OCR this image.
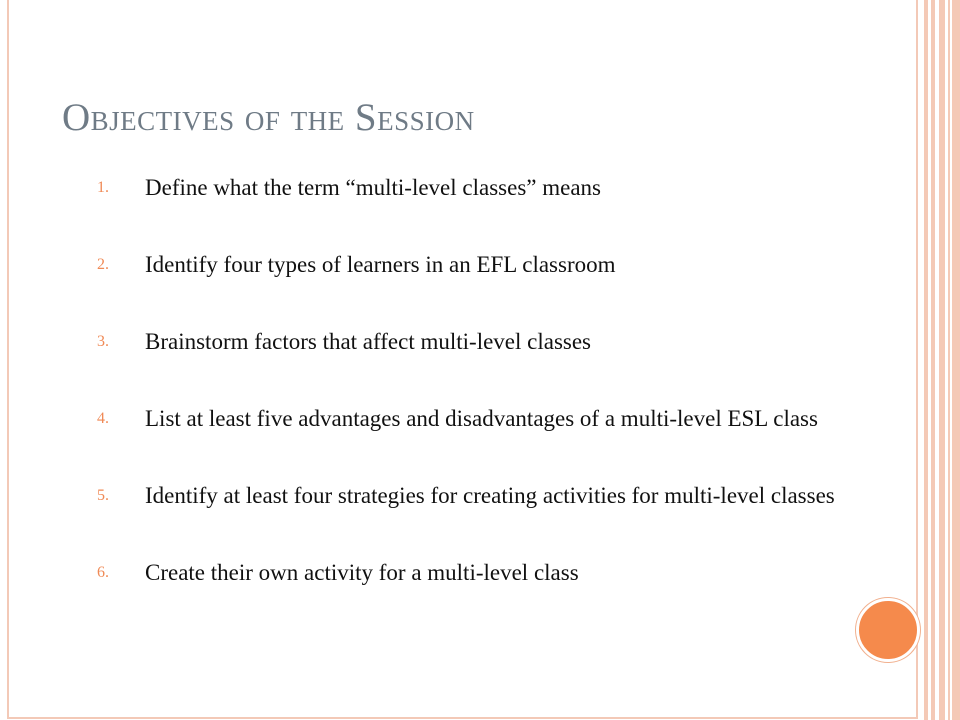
Objectives of the Session
1.	Define what the term “multi-level classes” means
2.	Identify four types of learners in an EFL classroom
3.	Brainstorm factors that affect multi-level classes
4.	List at least five advantages and disadvantages of a multi-level ESL class
5.	Identify at least four strategies for creating activities for multi-level classes
6.	Create their own activity for a multi-level class
